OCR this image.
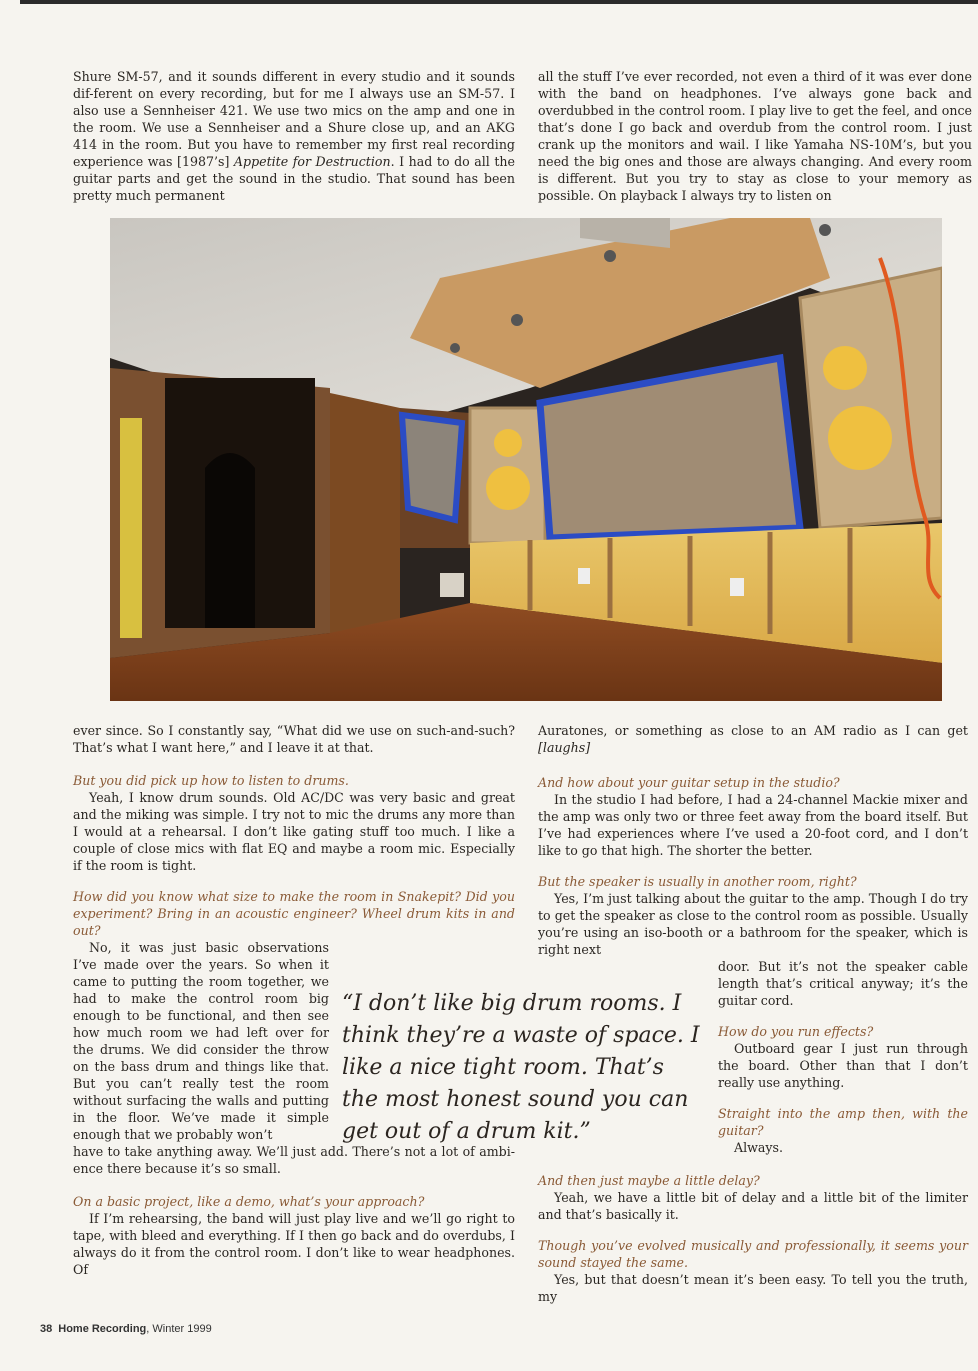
Shure SM-57, and it sounds different in every studio and it sounds dif-ferent on every recording, but for me I always use an SM-57. I also use a Sennheiser 421. We use two mics on the amp and one in the room. We use a Sennheiser and a Shure close up, and an AKG 414 in the room. But you have to remember my first real recording experience was [1987’s] Appetite for Destruction. I had to do all the guitar parts and get the sound in the studio. That sound has been pretty much permanent

all the stuff I’ve ever recorded, not even a third of it was ever done with the band on headphones. I’ve always gone back and overdubbed in the control room. I play live to get the feel, and once that’s done I go back and overdub from the control room. I just crank up the monitors and wail. I like Yamaha NS-10M’s, but you need the big ones and those are always changing. And every room is different. But you try to stay as close to your memory as possible. On playback I always try to listen on

ever since. So I constantly say, “What did we use on such-and-such? That’s what I want here,” and I leave it at that.

But you did pick up how to listen to drums.

Yeah, I know drum sounds. Old AC/DC was very basic and great and the miking was simple. I try not to mic the drums any more than I would at a rehearsal. I don’t like gating stuff too much. I like a couple of close mics with flat EQ and maybe a room mic. Especially if the room is tight.

How did you know what size to make the room in Snakepit? Did you experiment? Bring in an acoustic engineer? Wheel drum kits in and out?

No, it was just basic observations I’ve made over the years. So when it came to putting the room together, we had to make the control room big enough to be functional, and then see how much room we had left over for the drums. We did consider the throw on the bass drum and things like that. But you can’t really test the room without surfacing the walls and putting in the floor. We’ve made it simple enough that we probably won’t

have to take anything away. We’ll just add. There’s not a lot of ambi-ence there because it’s so small.

On a basic project, like a demo, what’s your approach?

If I’m rehearsing, the band will just play live and we’ll go right to tape, with bleed and everything. If I then go back and do overdubs, I always do it from the control room. I don’t like to wear headphones. Of

“I don’t like big drum rooms. I think they’re a waste of space. I like a nice tight room. That’s the most honest sound you can get out of a drum kit.”

Auratones, or something as close to an AM radio as I can get [laughs]

And how about your guitar setup in the studio?

In the studio I had before, I had a 24-channel Mackie mixer and the amp was only two or three feet away from the board itself. But I’ve had experiences where I’ve used a 20-foot cord, and I don’t like to go that high. The shorter the better.

But the speaker is usually in another room, right?

Yes, I’m just talking about the guitar to the amp. Though I do try to get the speaker as close to the control room as possible. Usually you’re using an iso-booth or a bathroom for the speaker, which is right next

door. But it’s not the speaker cable length that’s critical anyway; it’s the guitar cord.

How do you run effects?

Outboard gear I just run through the board. Other than that I don’t really use anything.

Straight into the amp then, with the guitar?

Always.

And then just maybe a little delay?

Yeah, we have a little bit of delay and a little bit of the limiter and that’s basically it.

Though you’ve evolved musically and professionally, it seems your sound stayed the same.

Yes, but that doesn’t mean it’s been easy. To tell you the truth, my

38 Home Recording, Winter 1999
